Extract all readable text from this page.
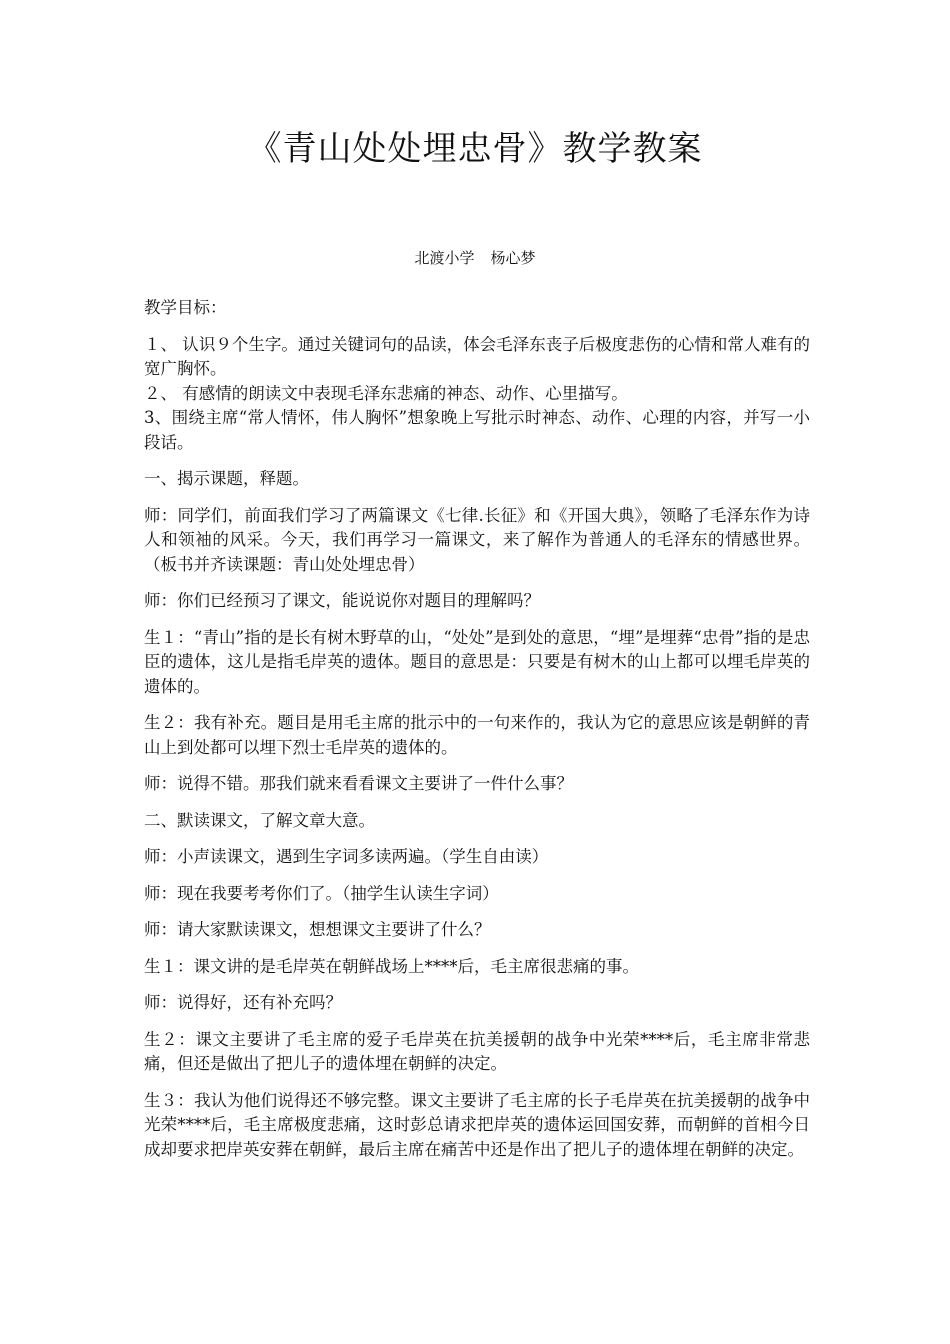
《青山处处埋忠骨》教学教案
北渡小学 杨心梦

教学目标：

１、 认识９个生字。通过关键词句的品读，体会毛泽东丧子后极度悲伤的心情和常人难有的宽广胸怀。

２、 有感情的朗读文中表现毛泽东悲痛的神态、动作、心里描写。

3、围绕主席“常人情怀，伟人胸怀”想象晚上写批示时神态、动作、心理的内容，并写一小段话。

一、揭示课题，释题。

师：同学们，前面我们学习了两篇课文《七律.长征》和《开国大典》，领略了毛泽东作为诗人和领袖的风采。今天，我们再学习一篇课文，来了解作为普通人的毛泽东的情感世界。（板书并齐读课题：青山处处埋忠骨）

师：你们已经预习了课文，能说说你对题目的理解吗？

生１：“青山”指的是长有树木野草的山，“处处”是到处的意思，“埋”是埋葬“忠骨”指的是忠臣的遗体，这儿是指毛岸英的遗体。题目的意思是：只要是有树木的山上都可以埋毛岸英的遗体的。

生２：我有补充。题目是用毛主席的批示中的一句来作的，我认为它的意思应该是朝鲜的青山上到处都可以埋下烈士毛岸英的遗体的。

师：说得不错。那我们就来看看课文主要讲了一件什么事？

二、默读课文，了解文章大意。

师：小声读课文，遇到生字词多读两遍。（学生自由读）

师：现在我要考考你们了。（抽学生认读生字词）

师：请大家默读课文，想想课文主要讲了什么？

生１：课文讲的是毛岸英在朝鲜战场上****后，毛主席很悲痛的事。

师：说得好，还有补充吗？

生２：课文主要讲了毛主席的爱子毛岸英在抗美援朝的战争中光荣****后，毛主席非常悲痛，但还是做出了把儿子的遗体埋在朝鲜的决定。

生３：我认为他们说得还不够完整。课文主要讲了毛主席的长子毛岸英在抗美援朝的战争中光荣****后，毛主席极度悲痛，这时彭总请求把岸英的遗体运回国安葬，而朝鲜的首相今日成却要求把岸英安葬在朝鲜，最后主席在痛苦中还是作出了把儿子的遗体埋在朝鲜的决定。
